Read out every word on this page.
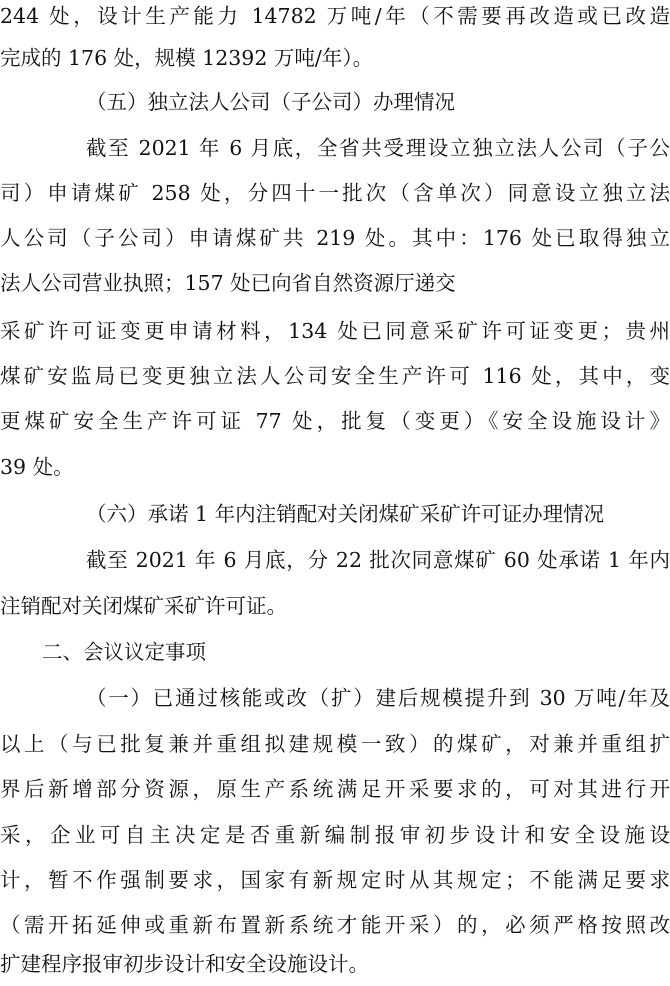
244 处，设计生产能力 14782 万吨/年（不需要再改造或已改造
完成的 176 处，规模 12392 万吨/年）。
（五）独立法人公司（子公司）办理情况
截至 2021 年 6 月底，全省共受理设立独立法人公司（子公
司）申请煤矿 258 处，分四十一批次（含单次）同意设立独立法
人公司（子公司）申请煤矿共 219 处。其中：176 处已取得独立
法人公司营业执照；157 处已向省自然资源厅递交
采矿许可证变更申请材料，134 处已同意采矿许可证变更；贵州
煤矿安监局已变更独立法人公司安全生产许可 116 处，其中，变
更煤矿安全生产许可证 77 处，批复（变更）《安全设施设计》
39 处。
（六）承诺 1 年内注销配对关闭煤矿采矿许可证办理情况
截至 2021 年 6 月底，分 22 批次同意煤矿 60 处承诺 1 年内
注销配对关闭煤矿采矿许可证。
二、会议议定事项
（一）已通过核能或改（扩）建后规模提升到 30 万吨/年及
以上（与已批复兼并重组拟建规模一致）的煤矿，对兼并重组扩
界后新增部分资源，原生产系统满足开采要求的，可对其进行开
采，企业可自主决定是否重新编制报审初步设计和安全设施设
计，暂不作强制要求，国家有新规定时从其规定；不能满足要求
（需开拓延伸或重新布置新系统才能开采）的，必须严格按照改
扩建程序报审初步设计和安全设施设计。
